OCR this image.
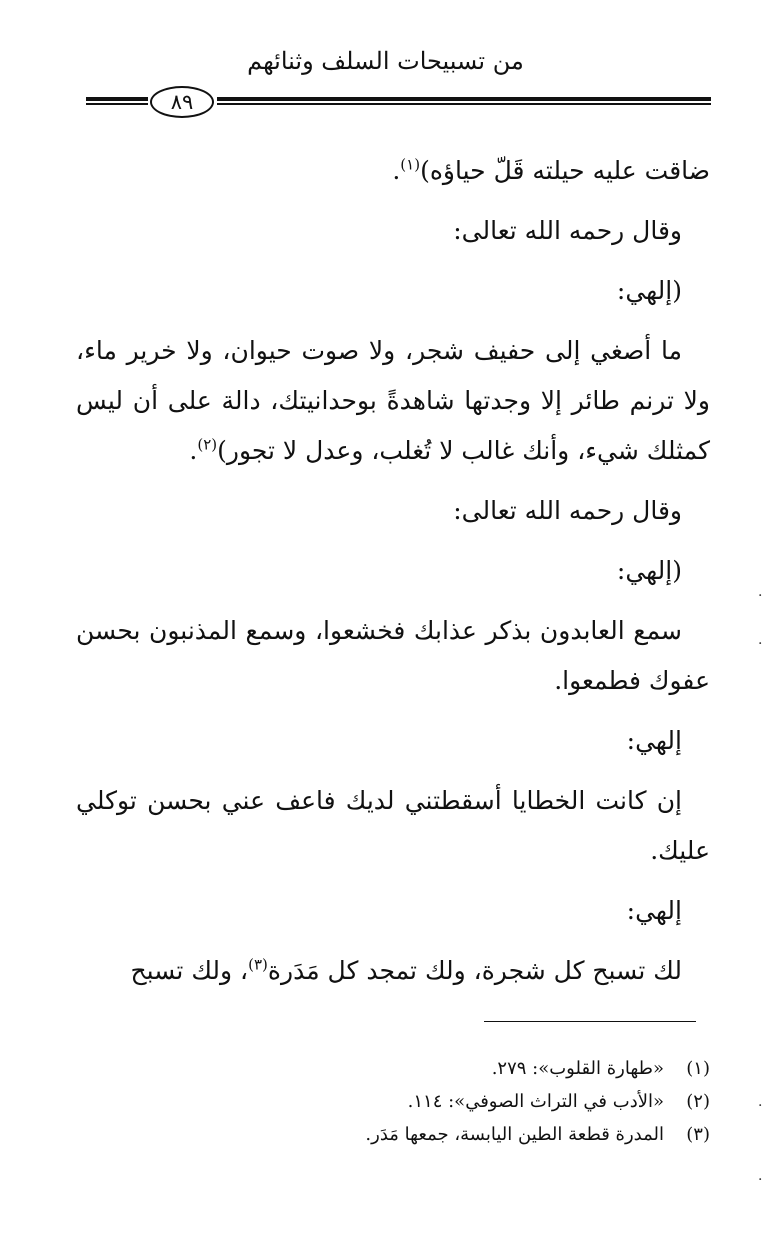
من تسبيحات السلف وثنائهم
٨٩

ضاقت عليه حيلته قَلّ حياؤه)$^{(١)}$.

وقال رحمه الله تعالى:

(إلهي:

ما أصغي إلى حفيف شجر، ولا صوت حيوان، ولا خرير ماء، ولا ترنم طائر إلا وجدتها شاهدةً بوحدانيتك، دالة على أن ليس كمثلك شيء، وأنك غالب لا تُغلب، وعدل لا تجور)$^{(٢)}$.

وقال رحمه الله تعالى:

(إلهي:

سمع العابدون بذكر عذابك فخشعوا، وسمع المذنبون بحسن عفوك فطمعوا.

إلهي:

إن كانت الخطايا أسقطتني لديك فاعف عني بحسن توكلي عليك.

إلهي:

لك تسبح كل شجرة، ولك تمجد كل مَدَرة$^{(٣)}$، ولك تسبح

(١)
«طهارة القلوب»: ٢٧٩.
(٢)
«الأدب في التراث الصوفي»: ١١٤.
(٣)
المدرة قطعة الطين اليابسة، جمعها مَدَر.
·
·
·
·
